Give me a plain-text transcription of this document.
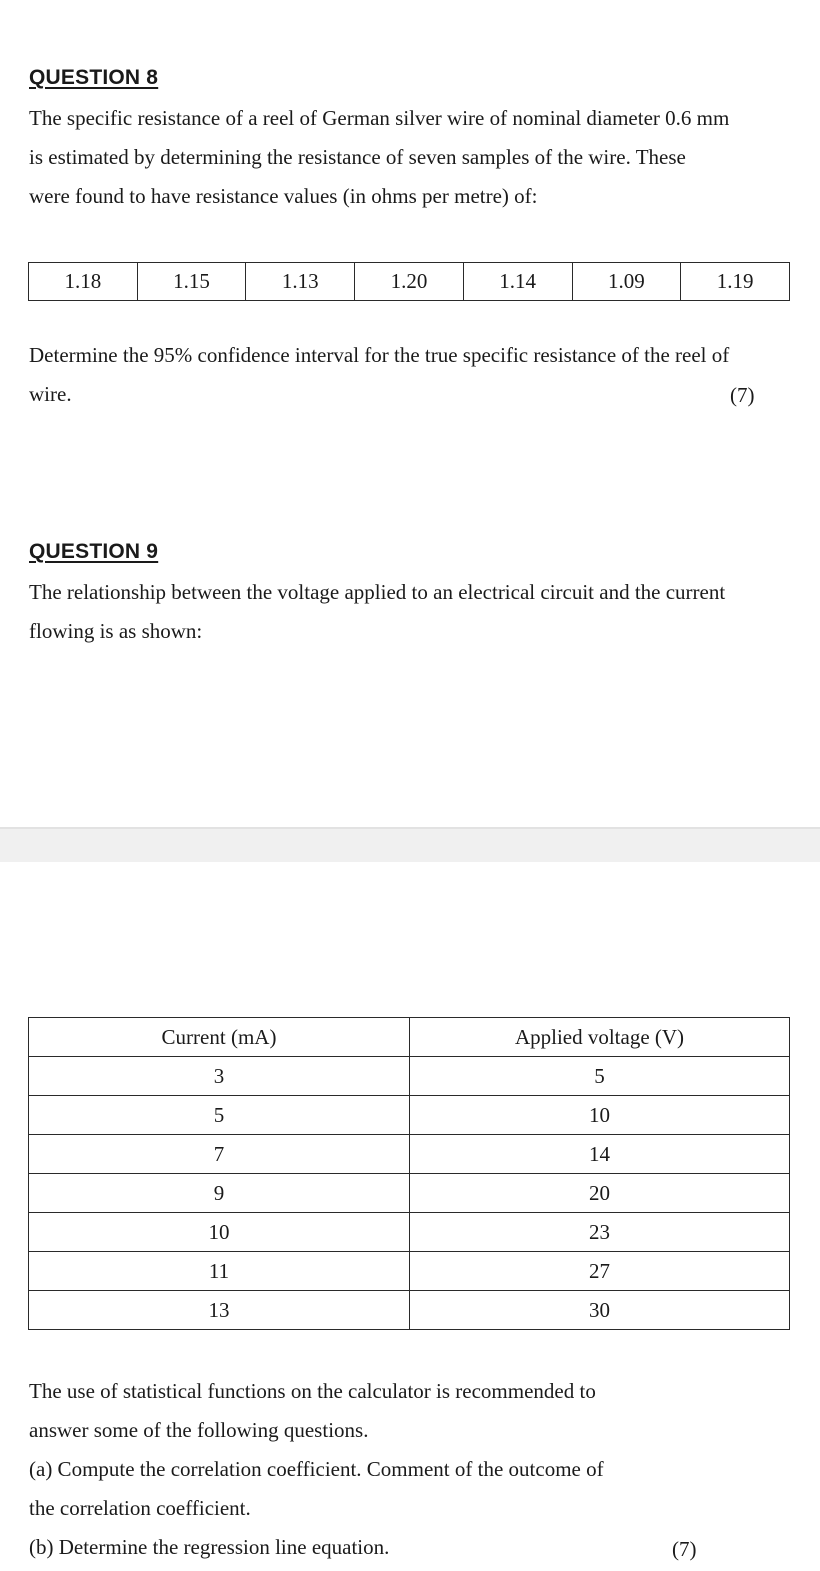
QUESTION 8
The specific resistance of a reel of German silver wire of nominal diameter 0.6 mm
is estimated by determining the resistance of seven samples of the wire. These
were found to have resistance values (in ohms per metre) of:
1.18	1.15	1.13	1.20	1.14	1.09	1.19
Determine the 95% confidence interval for the true specific resistance of the reel of
wire.	(7)
QUESTION 9
The relationship between the voltage applied to an electrical circuit and the current
flowing is as shown:
Current (mA)	Applied voltage (V)
3	5
5	10
7	14
9	20
10	23
11	27
13	30
The use of statistical functions on the calculator is recommended to
answer some of the following questions.
(a) Compute the correlation coefficient. Comment of the outcome of
the correlation coefficient.
(b) Determine the regression line equation.	(7)
